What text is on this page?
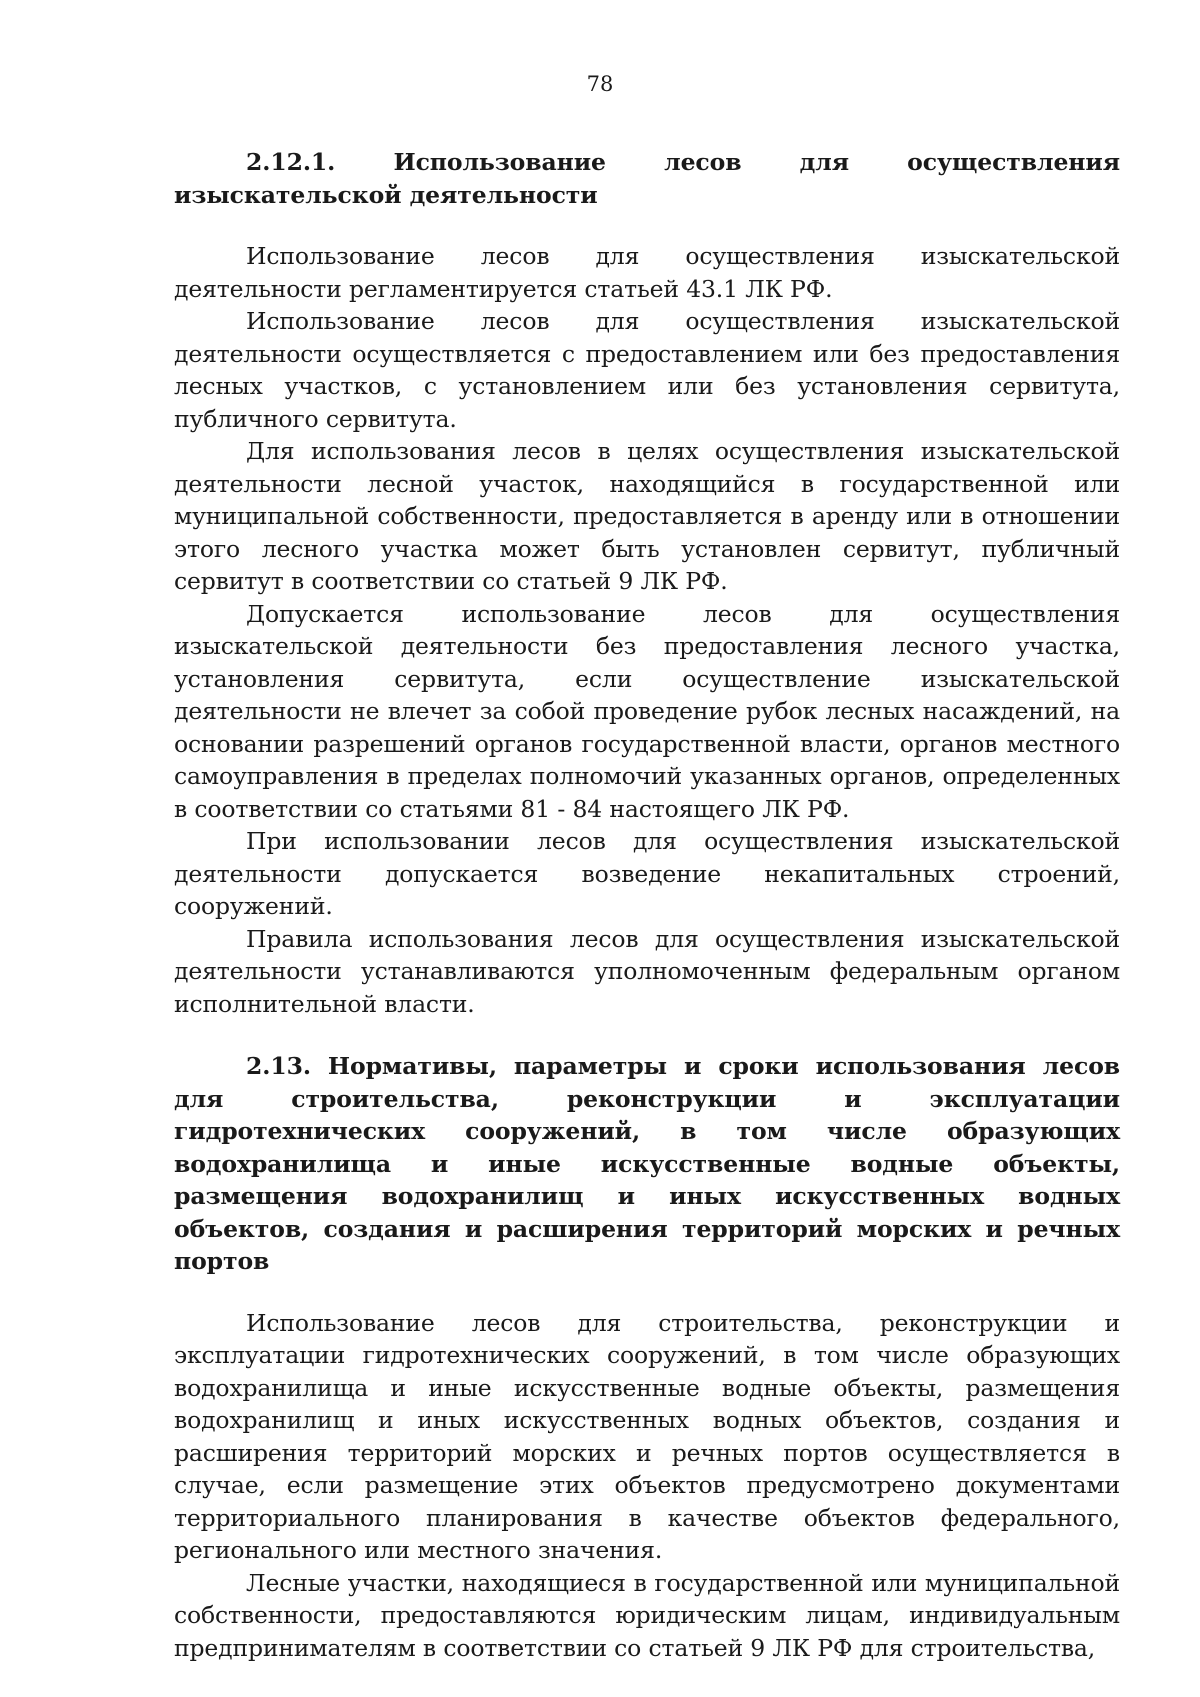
78
2.12.1. Использование лесов для осуществления изыскательской деятельности

Использование лесов для осуществления изыскательской деятельности регламентируется статьей 43.1 ЛК РФ.

Использование лесов для осуществления изыскательской деятельности осуществляется с предоставлением или без предоставления лесных участков, с установлением или без установления сервитута, публичного сервитута.

Для использования лесов в целях осуществления изыскательской деятельности лесной участок, находящийся в государственной или муниципальной собственности, предоставляется в аренду или в отношении этого лесного участка может быть установлен сервитут, публичный сервитут в соответствии со статьей 9 ЛК РФ.

Допускается использование лесов для осуществления изыскательской деятельности без предоставления лесного участка, установления сервитута, если осуществление изыскательской деятельности не влечет за собой проведение рубок лесных насаждений, на основании разрешений органов государственной власти, органов местного самоуправления в пределах полномочий указанных органов, определенных в соответствии со статьями 81 - 84 настоящего ЛК РФ.

При использовании лесов для осуществления изыскательской деятельности допускается возведение некапитальных строений, сооружений.

Правила использования лесов для осуществления изыскательской деятельности устанавливаются уполномоченным федеральным органом исполнительной власти.

2.13. Нормативы, параметры и сроки использования лесов для строительства, реконструкции и эксплуатации гидротехнических сооружений, в том числе образующих водохранилища и иные искусственные водные объекты, размещения водохранилищ и иных искусственных водных объектов, создания и расширения территорий морских и речных портов

Использование лесов для строительства, реконструкции и эксплуатации гидротехнических сооружений, в том числе образующих водохранилища и иные искусственные водные объекты, размещения водохранилищ и иных искусственных водных объектов, создания и расширения территорий морских и речных портов осуществляется в случае, если размещение этих объектов предусмотрено документами территориального планирования в качестве объектов федерального, регионального или местного значения.

Лесные участки, находящиеся в государственной или муниципальной собственности, предоставляются юридическим лицам, индивидуальным предпринимателям в соответствии со статьей 9 ЛК РФ для строительства,
